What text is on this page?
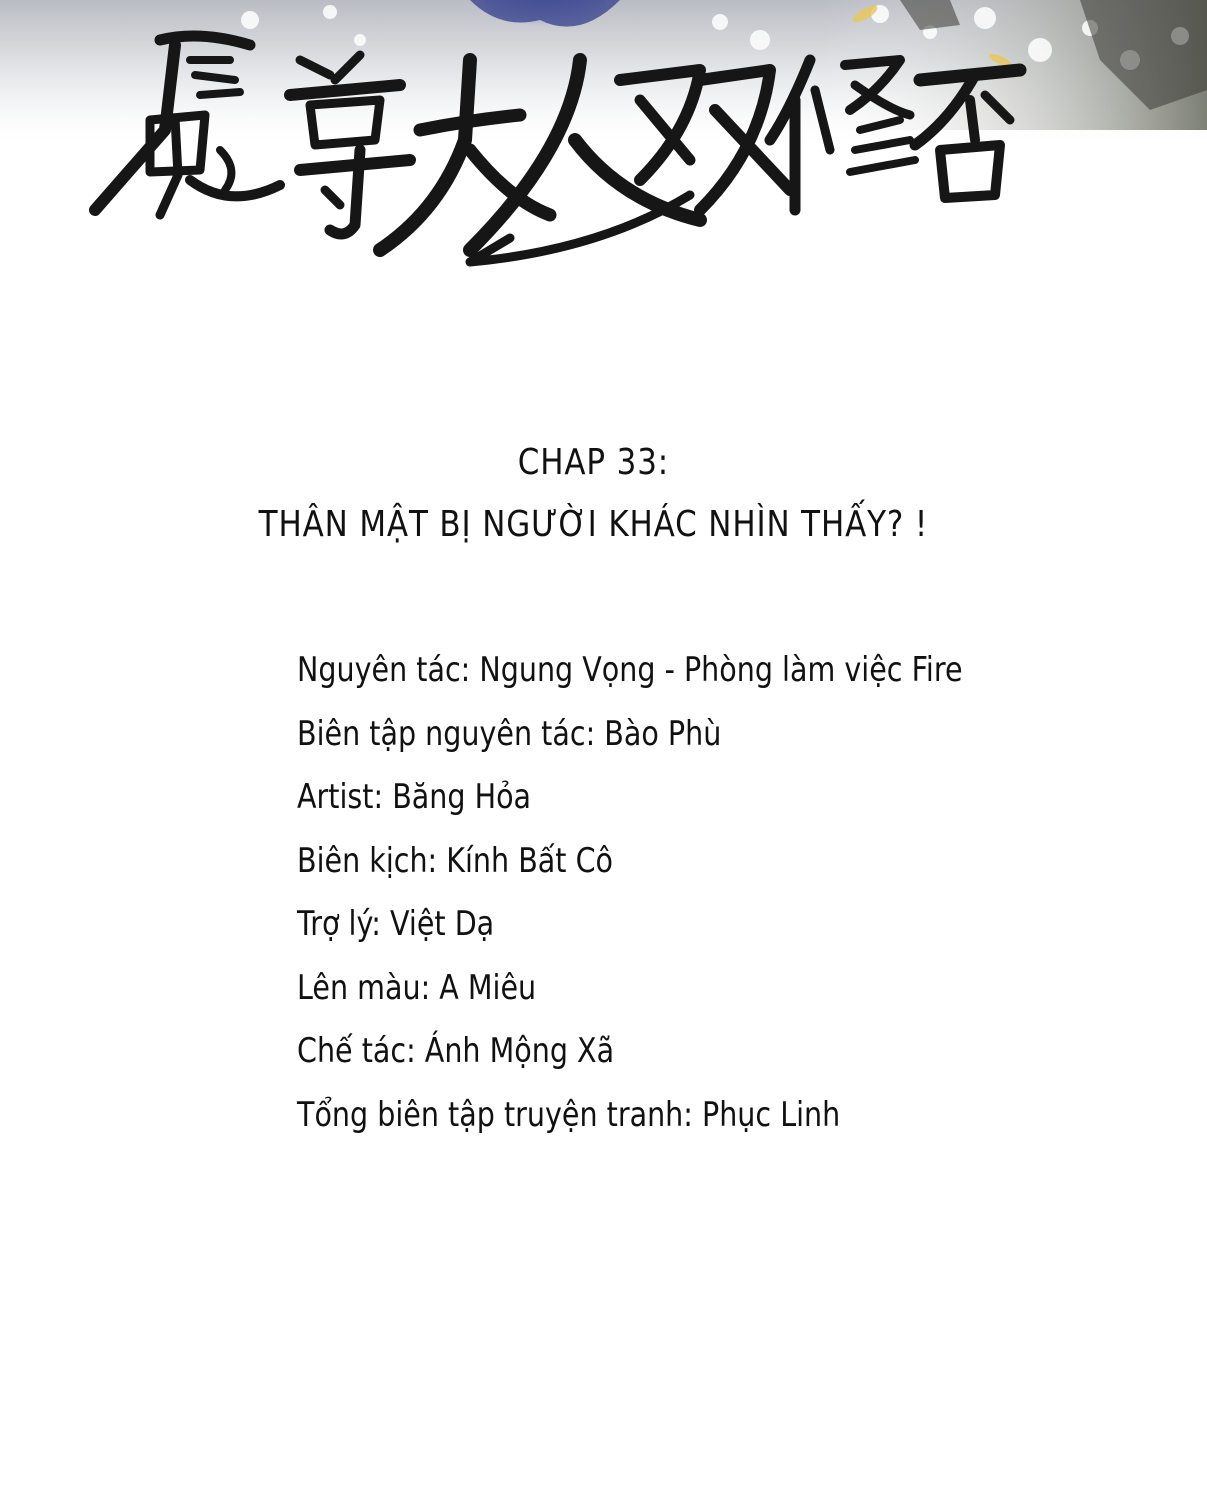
CHAP 33:
THÂN MẬT BỊ NGƯỜI KHÁC NHÌN THẤY? !
Nguyên tác: Ngung Vọng - Phòng làm việc Fire
Biên tập nguyên tác: Bào Phù
Artist: Băng Hỏa
Biên kịch: Kính Bất Cô
Trợ lý: Việt Dạ
Lên màu: A Miêu
Chế tác: Ánh Mộng Xã
Tổng biên tập truyện tranh: Phục Linh
